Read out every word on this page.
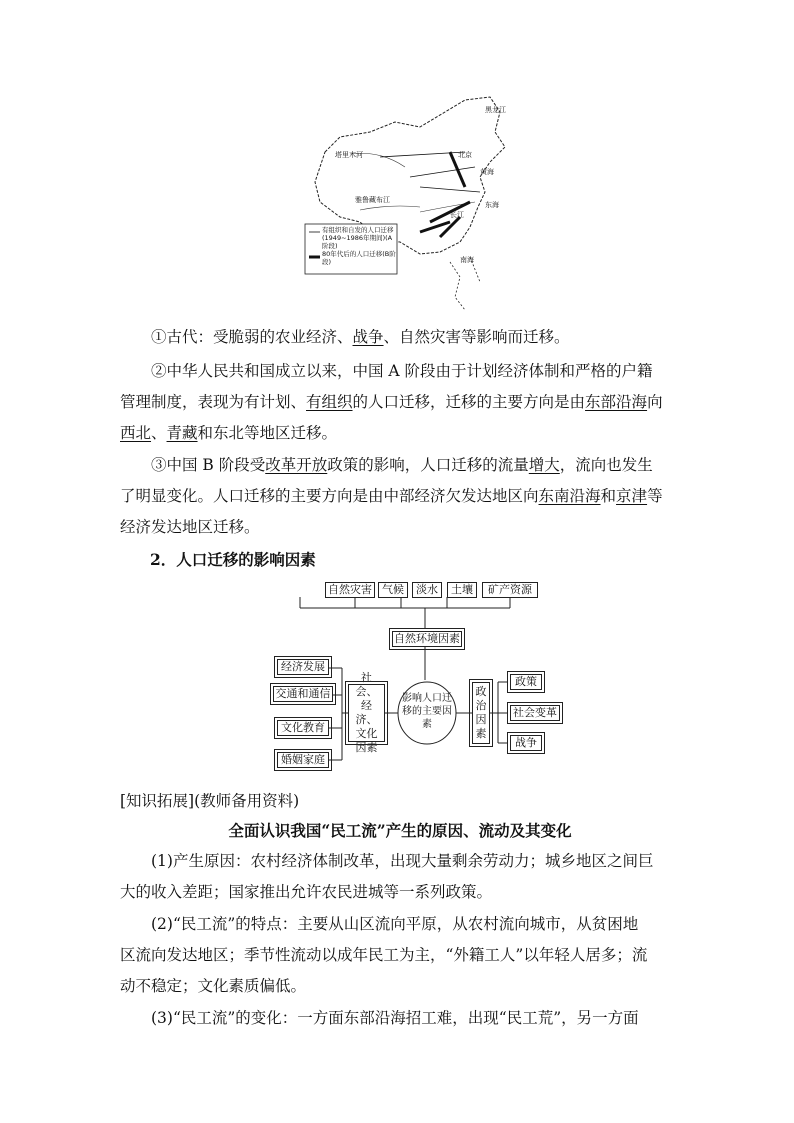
塔里木河
雅鲁藏布江
黑龙江
北京
黄海
东海
南海
长江
有组织和自发的人口迁移(1949~1986年期间)(A阶段)
80年代后的人口迁移(B阶段)

①古代：受脆弱的农业经济、战争、自然灾害等影响而迁移。

②中华人民共和国成立以来，中国 A 阶段由于计划经济体制和严格的户籍
管理制度，表现为有计划、有组织的人口迁移，迁移的主要方向是由东部沿海向
西北、青藏和东北等地区迁移。

③中国 B 阶段受改革开放政策的影响，人口迁移的流量增大，流向也发生
了明显变化。人口迁移的主要方向是由中部经济欠发达地区向东南沿海和京津等
经济发达地区迁移。

2．人口迁移的影响因素

自然灾害 气候	淡水	土壤	矿产资源
自然环境因素
经济发展
交通和通信
文化教育
婚姻家庭
社会、经济、文化因素
影响人口迁移的主要因素
政治因素
政策
社会变革
战争

[知识拓展](教师备用资料)

全面认识我国“民工流”产生的原因、流动及其变化

(1)产生原因：农村经济体制改革，出现大量剩余劳动力；城乡地区之间巨
大的收入差距；国家推出允许农民进城等一系列政策。

(2)“民工流”的特点：主要从山区流向平原，从农村流向城市，从贫困地
区流向发达地区；季节性流动以成年民工为主，“外籍工人”以年轻人居多；流
动不稳定；文化素质偏低。

(3)“民工流”的变化：一方面东部沿海招工难，出现“民工荒”，另一方面
